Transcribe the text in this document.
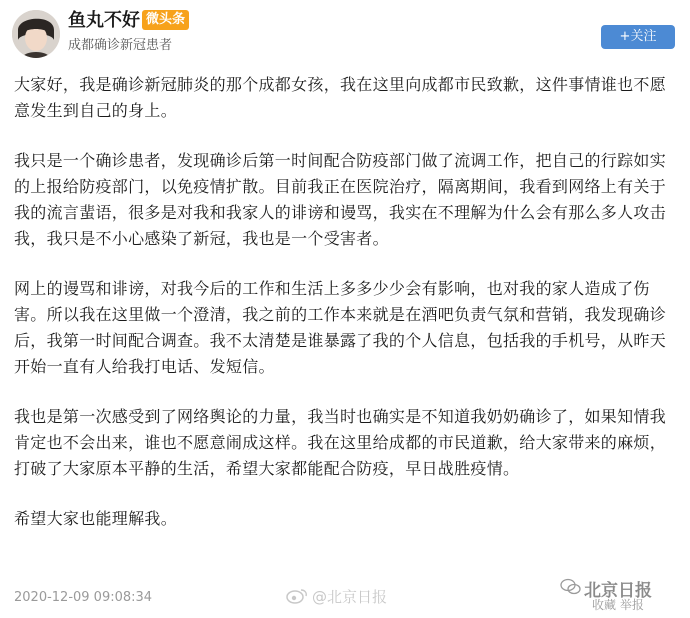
鱼丸不好 微头条
成都确诊新冠患者
+关注

大家好，我是确诊新冠肺炎的那个成都女孩，我在这里向成都市民致歉，这件事情谁也不愿意发生到自己的身上。

我只是一个确诊患者，发现确诊后第一时间配合防疫部门做了流调工作，把自己的行踪如实的上报给防疫部门，以免疫情扩散。目前我正在医院治疗，隔离期间，我看到网络上有关于我的流言蜚语，很多是对我和我家人的诽谤和谩骂，我实在不理解为什么会有那么多人攻击我，我只是不小心感染了新冠，我也是一个受害者。

网上的谩骂和诽谤，对我今后的工作和生活上多多少少会有影响，也对我的家人造成了伤害。所以我在这里做一个澄清，我之前的工作本来就是在酒吧负责气氛和营销，我发现确诊后，我第一时间配合调查。我不太清楚是谁暴露了我的个人信息，包括我的手机号，从昨天开始一直有人给我打电话、发短信。

我也是第一次感受到了网络舆论的力量，我当时也确实是不知道我奶奶确诊了，如果知情我肯定也不会出来，谁也不愿意闹成这样。我在这里给成都的市民道歉，给大家带来的麻烦，打破了大家原本平静的生活，希望大家都能配合防疫，早日战胜疫情。

希望大家也能理解我。

2020-12-09 09:08:34	@北京日报	北京日报
收藏 举报
